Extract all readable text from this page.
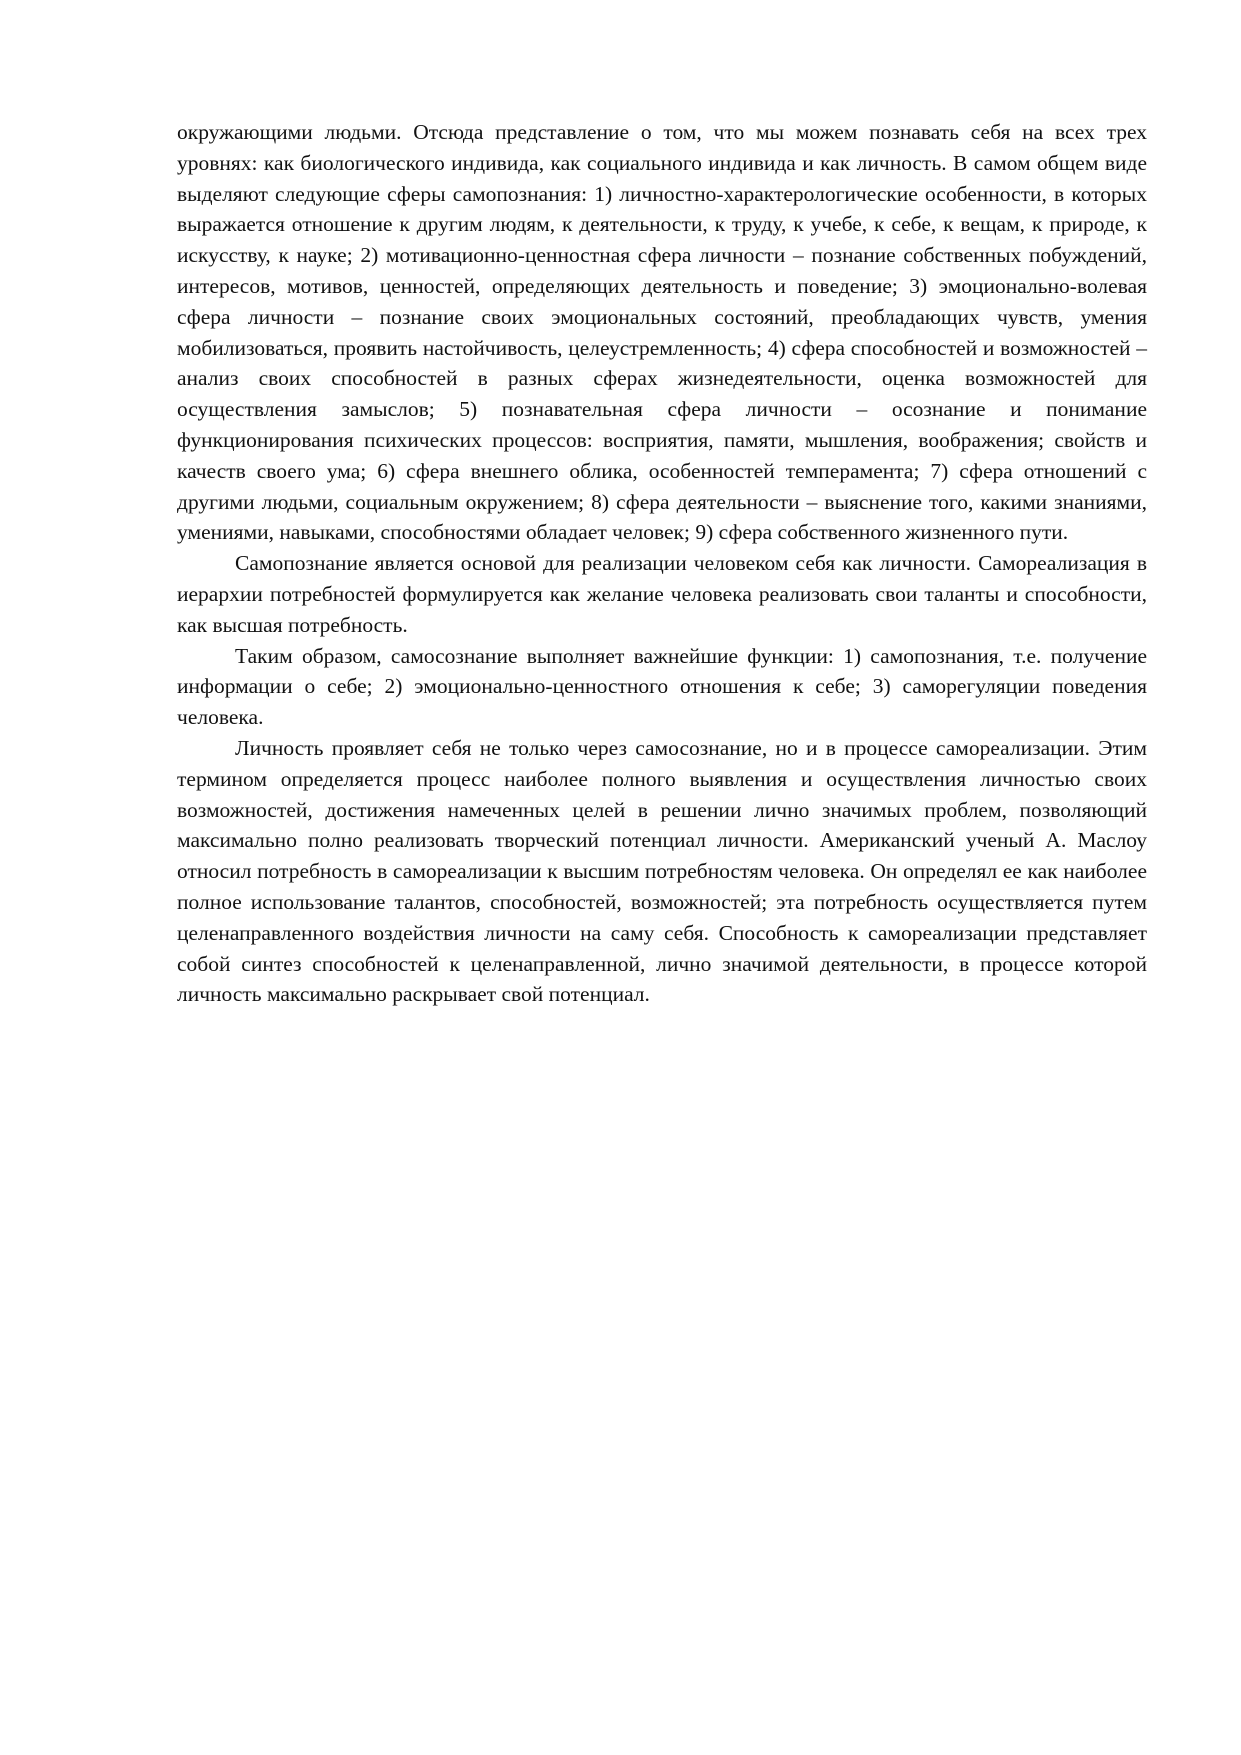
окружающими людьми. Отсюда представление о том, что мы можем познавать себя на всех трех уровнях: как биологического индивида, как социального индивида и как личность. В самом общем виде выделяют следующие сферы самопознания: 1) личностно-характерологические особенности, в которых выражается отношение к другим людям, к деятельности, к труду, к учебе, к себе, к вещам, к природе, к искусству, к науке; 2) мотивационно-ценностная сфера личности – познание собственных побуждений, интересов, мотивов, ценностей, определяющих деятельность и поведение; 3) эмоционально-волевая сфера личности – познание своих эмоциональных состояний, преобладающих чувств, умения мобилизоваться, проявить настойчивость, целеустремленность; 4) сфера способностей и возможностей – анализ своих способностей в разных сферах жизнедеятельности, оценка возможностей для осуществления замыслов; 5) познавательная сфера личности – осознание и понимание функционирования психических процессов: восприятия, памяти, мышления, воображения; свойств и качеств своего ума; 6) сфера внешнего облика, особенностей темперамента; 7) сфера отношений с другими людьми, социальным окружением; 8) сфера деятельности – выяснение того, какими знаниями, умениями, навыками, способностями обладает человек; 9) сфера собственного жизненного пути.

Самопознание является основой для реализации человеком себя как личности. Самореализация в иерархии потребностей формулируется как желание человека реализовать свои таланты и способности, как высшая потребность.

Таким образом, самосознание выполняет важнейшие функции: 1) самопознания, т.е. получение информации о себе; 2) эмоционально-ценностного отношения к себе; 3) саморегуляции поведения человека.

Личность проявляет себя не только через самосознание, но и в процессе самореализации. Этим термином определяется процесс наиболее полного выявления и осуществления личностью своих возможностей, достижения намеченных целей в решении лично значимых проблем, позволяющий максимально полно реализовать творческий потенциал личности. Американский ученый А. Маслоу относил потребность в самореализации к высшим потребностям человека. Он определял ее как наиболее полное использование талантов, способностей, возможностей; эта потребность осуществляется путем целенаправленного воздействия личности на саму себя. Способность к самореализации представляет собой синтез способностей к целенаправленной, лично значимой деятельности, в процессе которой личность максимально раскрывает свой потенциал.
